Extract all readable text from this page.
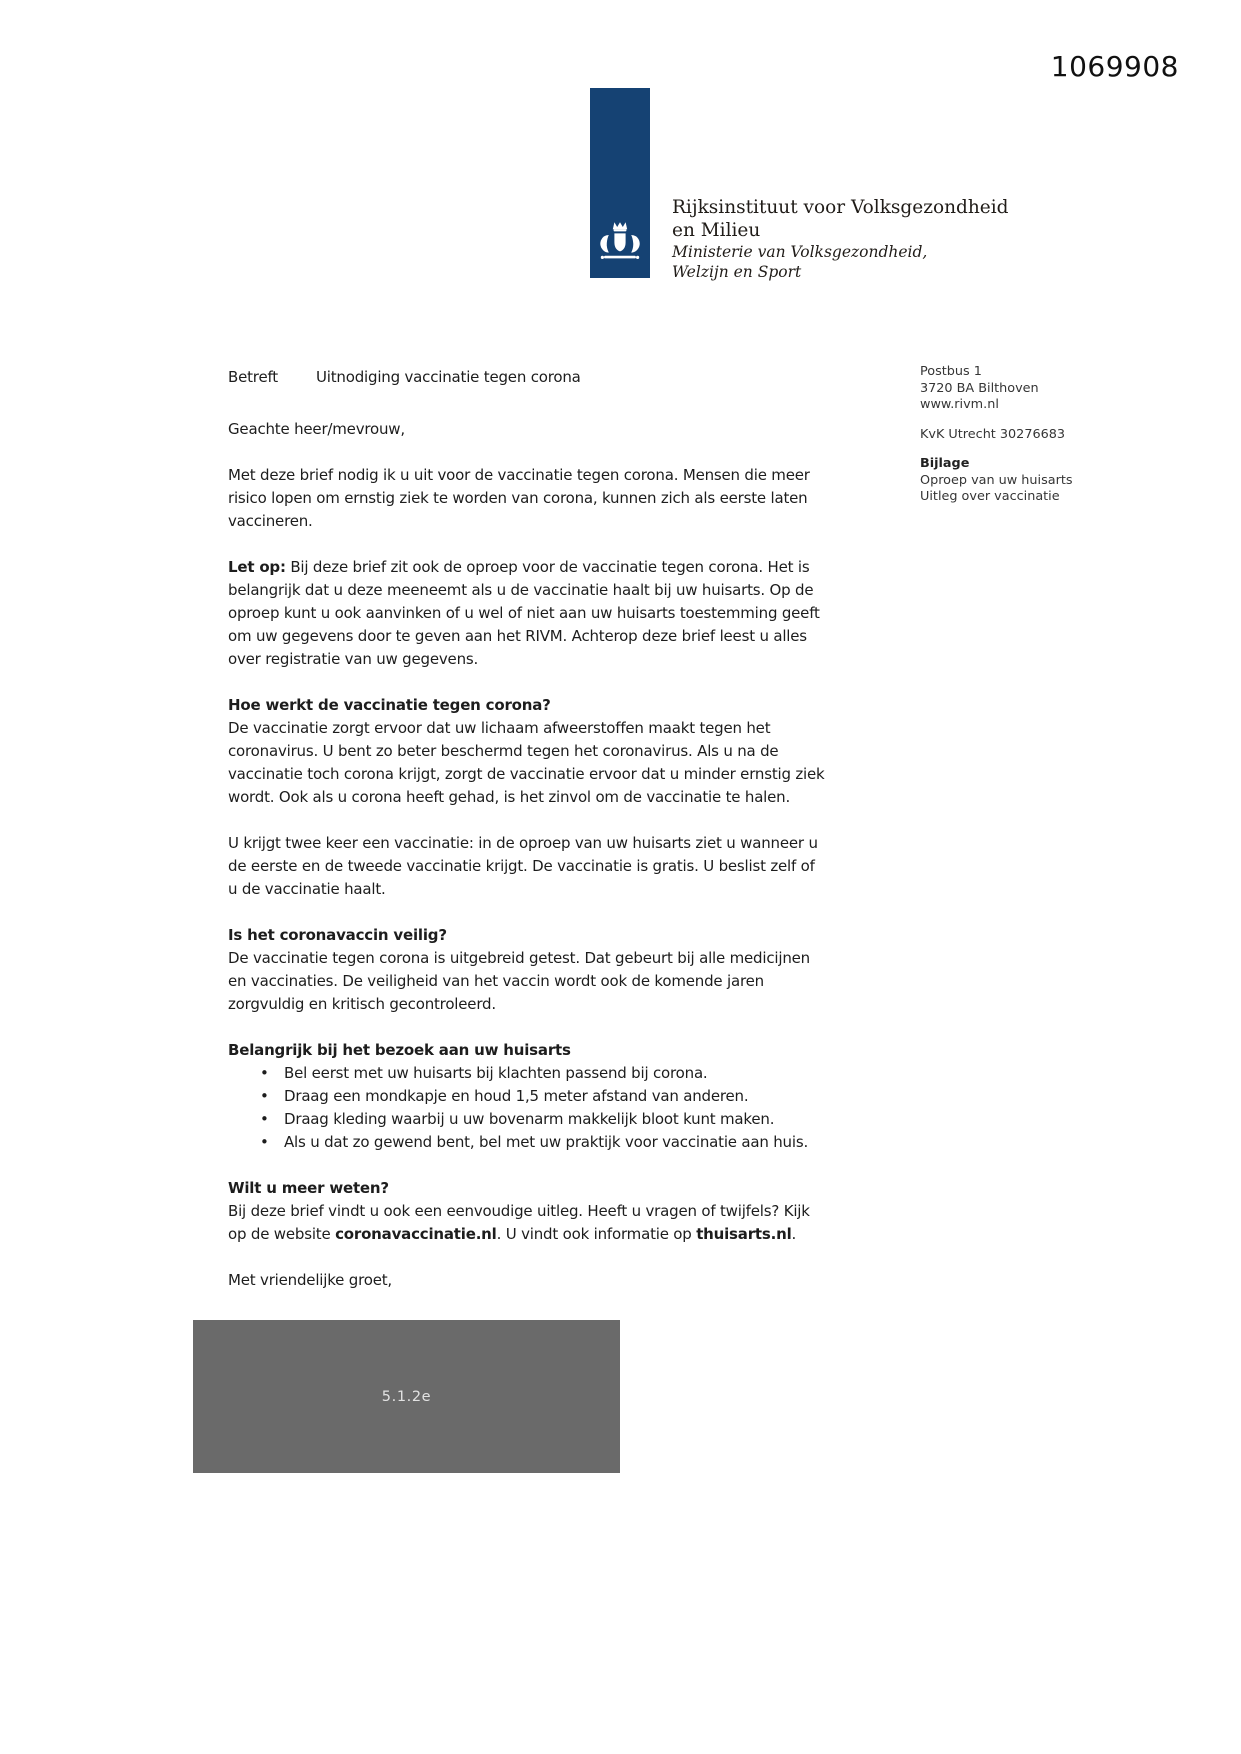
1069908
Rijksinstituut voor Volksgezondheid
en Milieu
Ministerie van Volksgezondheid,
Welzijn en Sport
Postbus 1
3720 BA Bilthoven
www.rivm.nl
KvK Utrecht 30276683
Bijlage
Oproep van uw huisarts
Uitleg over vaccinatie
Betreft	Uitnodiging vaccinatie tegen corona
Geachte heer/mevrouw,
Met deze brief nodig ik u uit voor de vaccinatie tegen corona. Mensen die meer risico lopen om ernstig ziek te worden van corona, kunnen zich als eerste laten vaccineren.
Let op: Bij deze brief zit ook de oproep voor de vaccinatie tegen corona. Het is belangrijk dat u deze meeneemt als u de vaccinatie haalt bij uw huisarts. Op de oproep kunt u ook aanvinken of u wel of niet aan uw huisarts toestemming geeft om uw gegevens door te geven aan het RIVM. Achterop deze brief leest u alles over registratie van uw gegevens.
Hoe werkt de vaccinatie tegen corona?
De vaccinatie zorgt ervoor dat uw lichaam afweerstoffen maakt tegen het coronavirus. U bent zo beter beschermd tegen het coronavirus. Als u na de vaccinatie toch corona krijgt, zorgt de vaccinatie ervoor dat u minder ernstig ziek wordt. Ook als u corona heeft gehad, is het zinvol om de vaccinatie te halen.
U krijgt twee keer een vaccinatie: in de oproep van uw huisarts ziet u wanneer u de eerste en de tweede vaccinatie krijgt. De vaccinatie is gratis. U beslist zelf of u de vaccinatie haalt.
Is het coronavaccin veilig?
De vaccinatie tegen corona is uitgebreid getest. Dat gebeurt bij alle medicijnen en vaccinaties. De veiligheid van het vaccin wordt ook de komende jaren zorgvuldig en kritisch gecontroleerd.
Belangrijk bij het bezoek aan uw huisarts
• Bel eerst met uw huisarts bij klachten passend bij corona.
• Draag een mondkapje en houd 1,5 meter afstand van anderen.
• Draag kleding waarbij u uw bovenarm makkelijk bloot kunt maken.
• Als u dat zo gewend bent, bel met uw praktijk voor vaccinatie aan huis.
Wilt u meer weten?
Bij deze brief vindt u ook een eenvoudige uitleg. Heeft u vragen of twijfels? Kijk op de website coronavaccinatie.nl. U vindt ook informatie op thuisarts.nl.
Met vriendelijke groet,
5.1.2e
